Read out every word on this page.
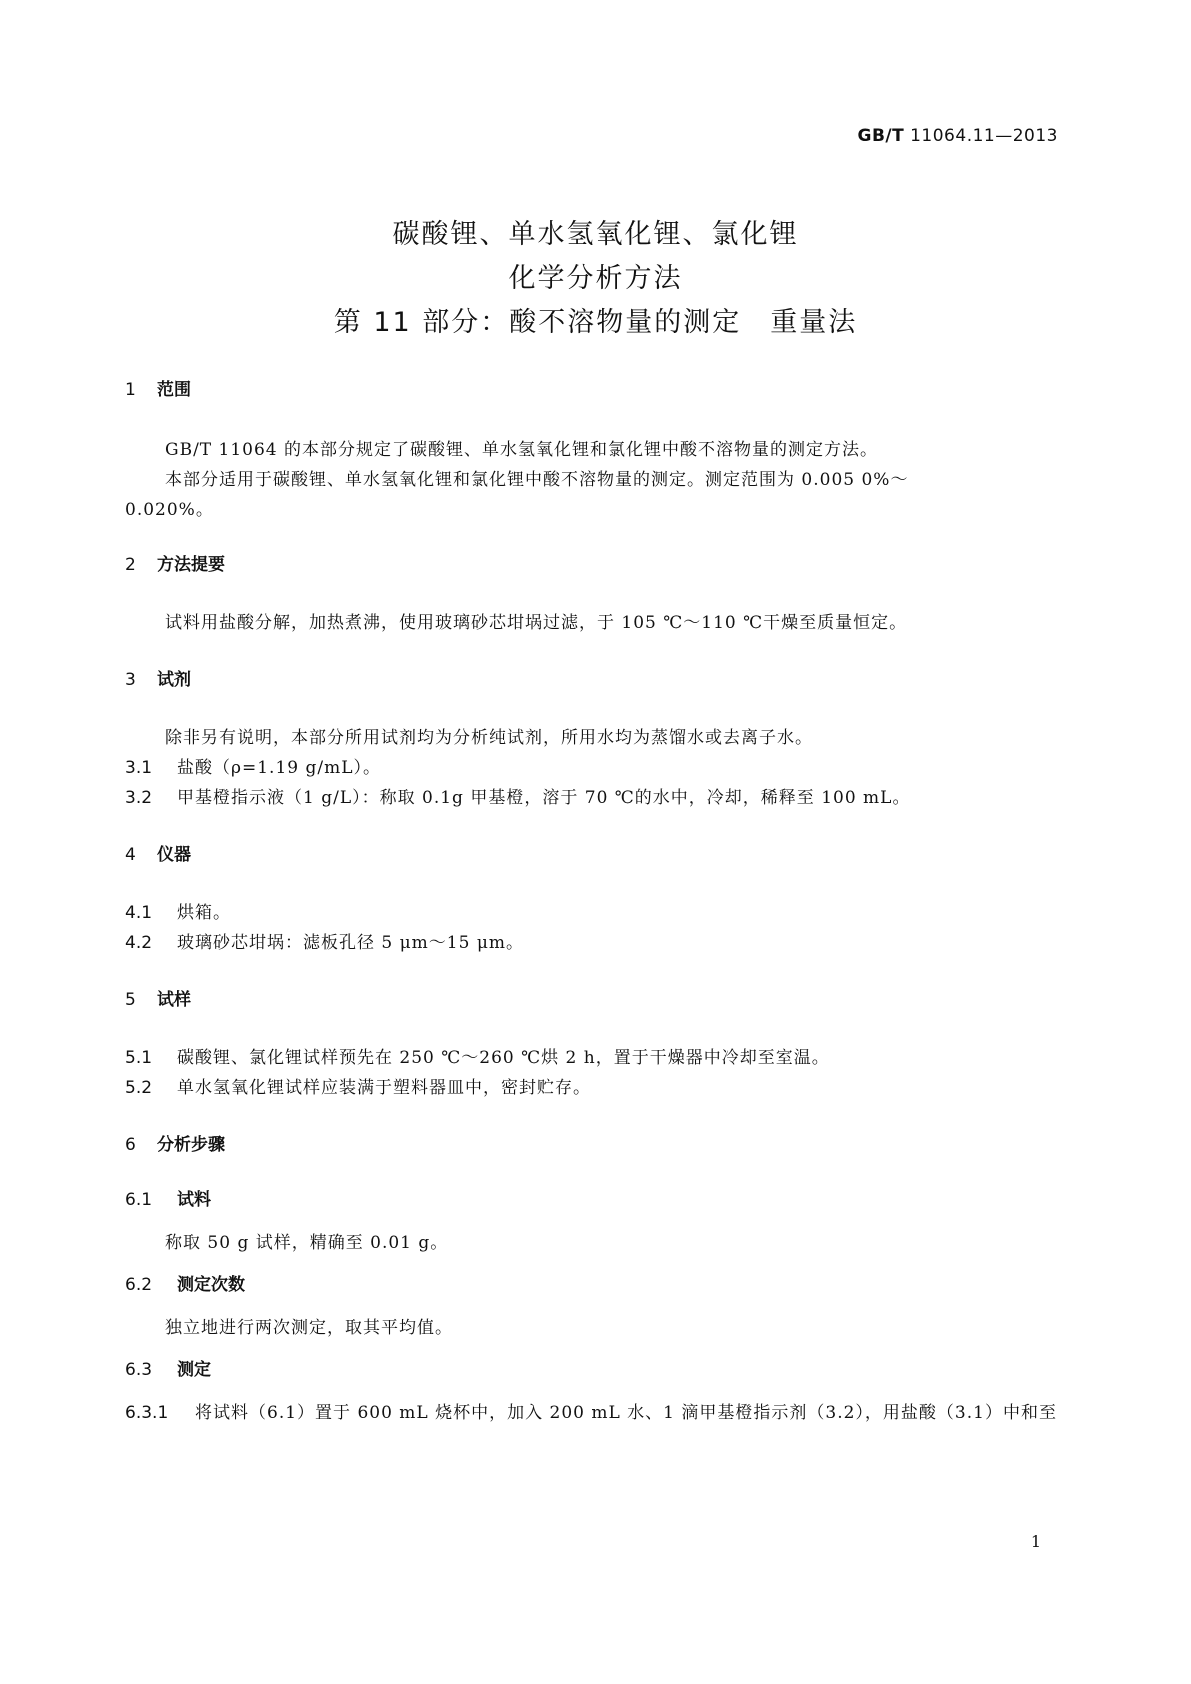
GB/T 11064.11—2013
碳酸锂、单水氢氧化锂、氯化锂
化学分析方法
第 11 部分：酸不溶物量的测定　重量法
1 范围
GB/T 11064 的本部分规定了碳酸锂、单水氢氧化锂和氯化锂中酸不溶物量的测定方法。
本部分适用于碳酸锂、单水氢氧化锂和氯化锂中酸不溶物量的测定。测定范围为 0.005 0%～
0.020%。
2 方法提要
试料用盐酸分解，加热煮沸，使用玻璃砂芯坩埚过滤，于 105 ℃～110 ℃干燥至质量恒定。
3 试剂
除非另有说明，本部分所用试剂均为分析纯试剂，所用水均为蒸馏水或去离子水。
3.1 盐酸（ρ=1.19 g/mL）。
3.2 甲基橙指示液（1 g/L）：称取 0.1g 甲基橙，溶于 70 ℃的水中，冷却，稀释至 100 mL。
4 仪器
4.1 烘箱。
4.2 玻璃砂芯坩埚：滤板孔径 5 μm～15 μm。
5 试样
5.1 碳酸锂、氯化锂试样预先在 250 ℃～260 ℃烘 2 h，置于干燥器中冷却至室温。
5.2 单水氢氧化锂试样应装满于塑料器皿中，密封贮存。
6 分析步骤
6.1 试料
称取 50 g 试样，精确至 0.01 g。
6.2 测定次数
独立地进行两次测定，取其平均值。
6.3 测定
6.3.1 将试料（6.1）置于 600 mL 烧杯中，加入 200 mL 水、1 滴甲基橙指示剂（3.2），用盐酸（3.1）中和至
1
